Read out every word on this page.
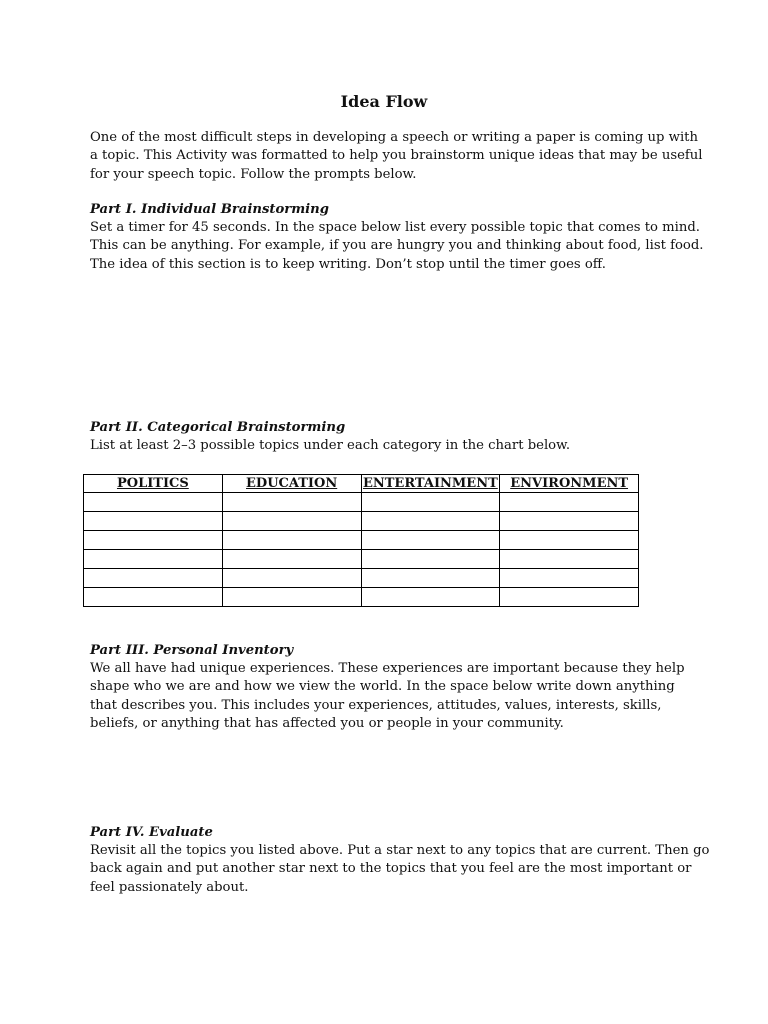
Idea Flow
One of the most difficult steps in developing a speech or writing a paper is coming up with
a topic. This Activity was formatted to help you brainstorm unique ideas that may be useful
for your speech topic. Follow the prompts below.
Part I. Individual Brainstorming
Set a timer for 45 seconds. In the space below list every possible topic that comes to mind.
This can be anything. For example, if you are hungry you and thinking about food, list food.
The idea of this section is to keep writing. Don’t stop until the timer goes off.
Part II. Categorical Brainstorming
List at least 2–3 possible topics under each category in the chart below.
POLITICS	EDUCATION	ENTERTAINMENT	ENVIRONMENT

Part III. Personal Inventory
We all have had unique experiences. These experiences are important because they help
shape who we are and how we view the world. In the space below write down anything
that describes you. This includes your experiences, attitudes, values, interests, skills,
beliefs, or anything that has affected you or people in your community.
Part IV. Evaluate
Revisit all the topics you listed above. Put a star next to any topics that are current. Then go
back again and put another star next to the topics that you feel are the most important or
feel passionately about.
